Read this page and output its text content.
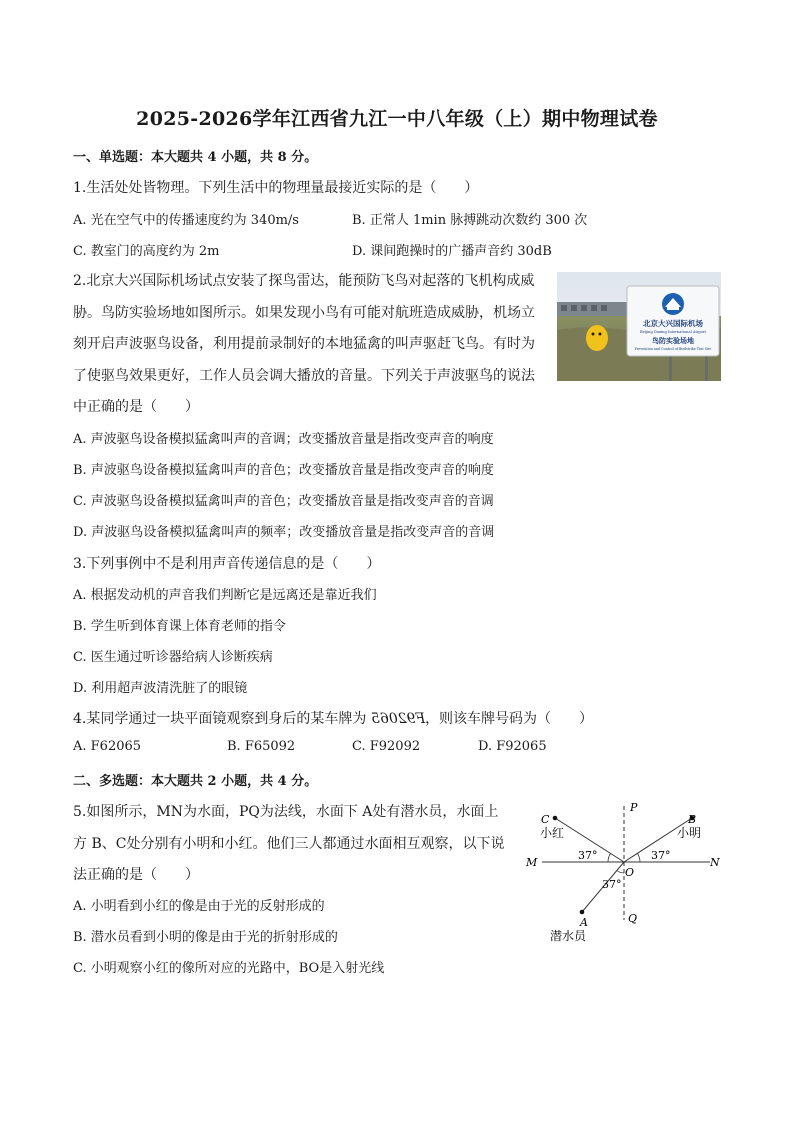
2025-2026学年江西省九江一中八年级（上）期中物理试卷
一、单选题：本大题共 4 小题，共 8 分。
1.生活处处皆物理。下列生活中的物理量最接近实际的是（　　）
A. 光在空气中的传播速度约为 340m/s	B. 正常人 1min 脉搏跳动次数约 300 次
C. 教室门的高度约为 2m	D. 课间跑操时的广播声音约 30dB
2.北京大兴国际机场试点安装了探鸟雷达，能预防飞鸟对起落的飞机构成威
胁。鸟防实验场地如图所示。如果发现小鸟有可能对航班造成威胁，机场立
刻开启声波驱鸟设备，利用提前录制好的本地猛禽的叫声驱赶飞鸟。有时为
了使驱鸟效果更好，工作人员会调大播放的音量。下列关于声波驱鸟的说法
中正确的是（　　）
北京大兴国际机场
Beijing Daxing International Airport
鸟防实验场地
Prevention and Control of Birdstrike Test Site
A. 声波驱鸟设备模拟猛禽叫声的音调；改变播放音量是指改变声音的响度
B. 声波驱鸟设备模拟猛禽叫声的音色；改变播放音量是指改变声音的响度
C. 声波驱鸟设备模拟猛禽叫声的音色；改变播放音量是指改变声音的音调
D. 声波驱鸟设备模拟猛禽叫声的频率；改变播放音量是指改变声音的音调
3.下列事例中不是利用声音传递信息的是（　　）
A. 根据发动机的声音我们判断它是远离还是靠近我们
B. 学生听到体育课上体育老师的指令
C. 医生通过听诊器给病人诊断疾病
D. 利用超声波清洗脏了的眼镜
4.某同学通过一块平面镜观察到身后的某车牌为 F92065，则该车牌号码为（　　）
A. F62065	B. F65092	C. F92092	D. F92065
二、多选题：本大题共 2 小题，共 4 分。
5.如图所示，MN为水面，PQ为法线，水面下 A处有潜水员，水面上
方 B、C处分别有小明和小红。他们三人都通过水面相互观察，以下说
法正确的是（　　）
A. 小明看到小红的像是由于光的反射形成的
B. 潜水员看到小明的像是由于光的折射形成的
C. 小明观察小红的像所对应的光路中，BO是入射光线
P
Q
M	N
O
C	B
A
小红	小明
潜水员
37°	37°
37°
